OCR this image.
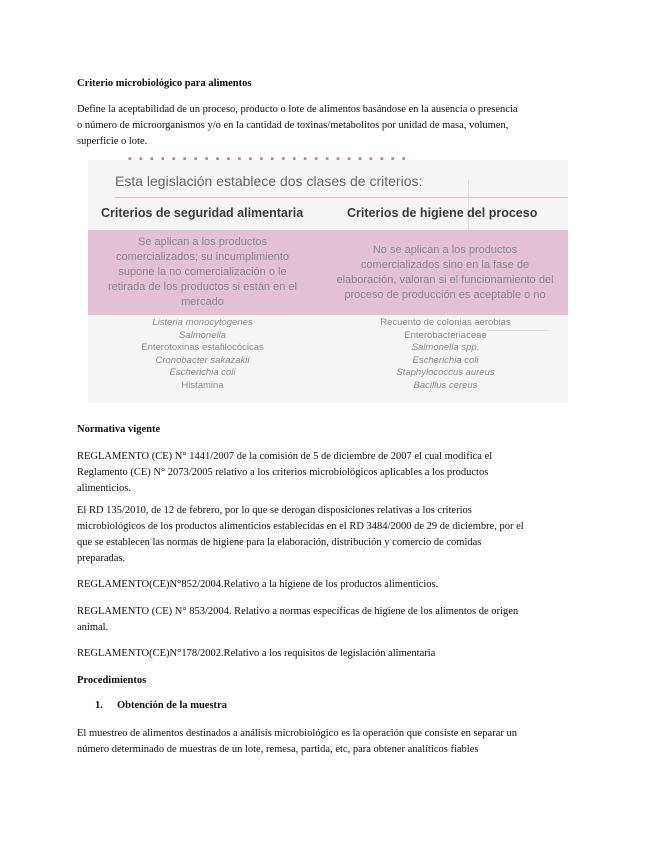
Criterio microbiológico para alimentos
Define la aceptabilidad de un proceso, producto o lote de alimentos basándose en la ausencia o presencia
o número de microorganismos y/o en la cantidad de toxinas/metabolitos por unidad de masa, volumen,
superficie o lote.
▪ ▪ ▪ ▪ ▪ ▪ ▪ ▪ ▪ ▪ ▪ ▪ ▪ ▪ ▪ ▪ ▪ ▪ ▪ ▪ ▪ ▪ ▪ ▪ ▪ ▪
Esta legislación establece dos clases de criterios:
Criterios de seguridad alimentaria	Criterios de higiene del proceso
Se aplican a los productos
comercializados; su incumplimiento
supone la no comercialización o le
retirada de los productos si están en el
mercado
No se aplican a los productos
comercializados sino en la fase de
elaboración, valoran si el funcionamiento del
proceso de producción es aceptable o no
Listeria monocytogenes
Salmonella
Enterotoxinas estafilocócicas
Cronobacter sakazakii
Escherichia coli
Histamina
Recuento de colonias aerobias
Enterobacteriaceae
Salmonella spp.
Escherichia coli
Staphylococcus aureus
Bacillus cereus
Normativa vigente
REGLAMENTO (CE) N° 1441/2007 de la comisión de 5 de diciembre de 2007 el cual modifica el
Reglamento (CE) N° 2073/2005 relativo a los criterios microbiológicos aplicables a los productos
alimenticios.
El RD 135/2010, de 12 de febrero, por lo que se derogan disposiciones relativas a los criterios
microbiológicos de los productos alimenticios establecidas en el RD 3484/2000 de 29 de diciembre, por el
que se establecen las normas de higiene para la elaboración, distribución y comercio de comidas
preparadas.
REGLAMENTO(CE)N°852/2004.Relativo a la higiene de los productos alimenticios.
REGLAMENTO (CE) N° 853/2004. Relativo a normas específicas de higiene de los alimentos de origen
animal.
REGLAMENTO(CE)N°178/2002.Relativo a los requisitos de legislación alimentaria
Procedimientos
1. Obtención de la muestra
El muestreo de alimentos destinados a análisis microbiológico es la operación que consiste en separar un
número determinado de muestras de un lote, remesa, partida, etc, para obtener analíticos fiables
